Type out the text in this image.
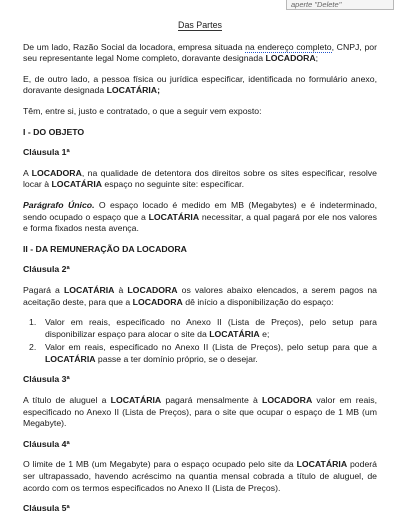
aperte "Delete"
Das Partes

De um lado, Razão Social da locadora, empresa situada na endereço completo, CNPJ, por seu representante legal Nome completo, doravante designada LOCADORA;

E, de outro lado, a pessoa física ou jurídica especificar, identificada no formulário anexo, doravante designada LOCATÁRIA;

Têm, entre si, justo e contratado, o que a seguir vem exposto:

I - DO OBJETO
Cláusula 1ª

A LOCADORA, na qualidade de detentora dos direitos sobre os sites especificar, resolve locar à LOCATÁRIA espaço no seguinte site: especificar.

Parágrafo Único. O espaço locado é medido em MB (Megabytes) e é indeterminado, sendo ocupado o espaço que a LOCATÁRIA necessitar, a qual pagará por ele nos valores e forma fixados nesta avença.

II - DA REMUNERAÇÃO DA LOCADORA
Cláusula 2ª

Pagará a LOCATÁRIA à LOCADORA os valores abaixo elencados, a serem pagos na aceitação deste, para que a LOCADORA dê início a disponibilização do espaço:

1.	Valor em reais, especificado no Anexo II (Lista de Preços), pelo setup para disponibilizar espaço para alocar o site da LOCATÁRIA e;
2.	Valor em reais, especificado no Anexo II (Lista de Preços), pelo setup para que a LOCATÁRIA passe a ter domínio próprio, se o desejar.
Cláusula 3ª

A título de aluguel a LOCATÁRIA pagará mensalmente à LOCADORA valor em reais, especificado no Anexo II (Lista de Preços), para o site que ocupar o espaço de 1 MB (um Megabyte).

Cláusula 4ª

O limite de 1 MB (um Megabyte) para o espaço ocupado pelo site da LOCATÁRIA poderá ser ultrapassado, havendo acréscimo na quantia mensal cobrada a título de aluguel, de acordo com os termos especificados no Anexo II (Lista de Preços).

Cláusula 5ª
